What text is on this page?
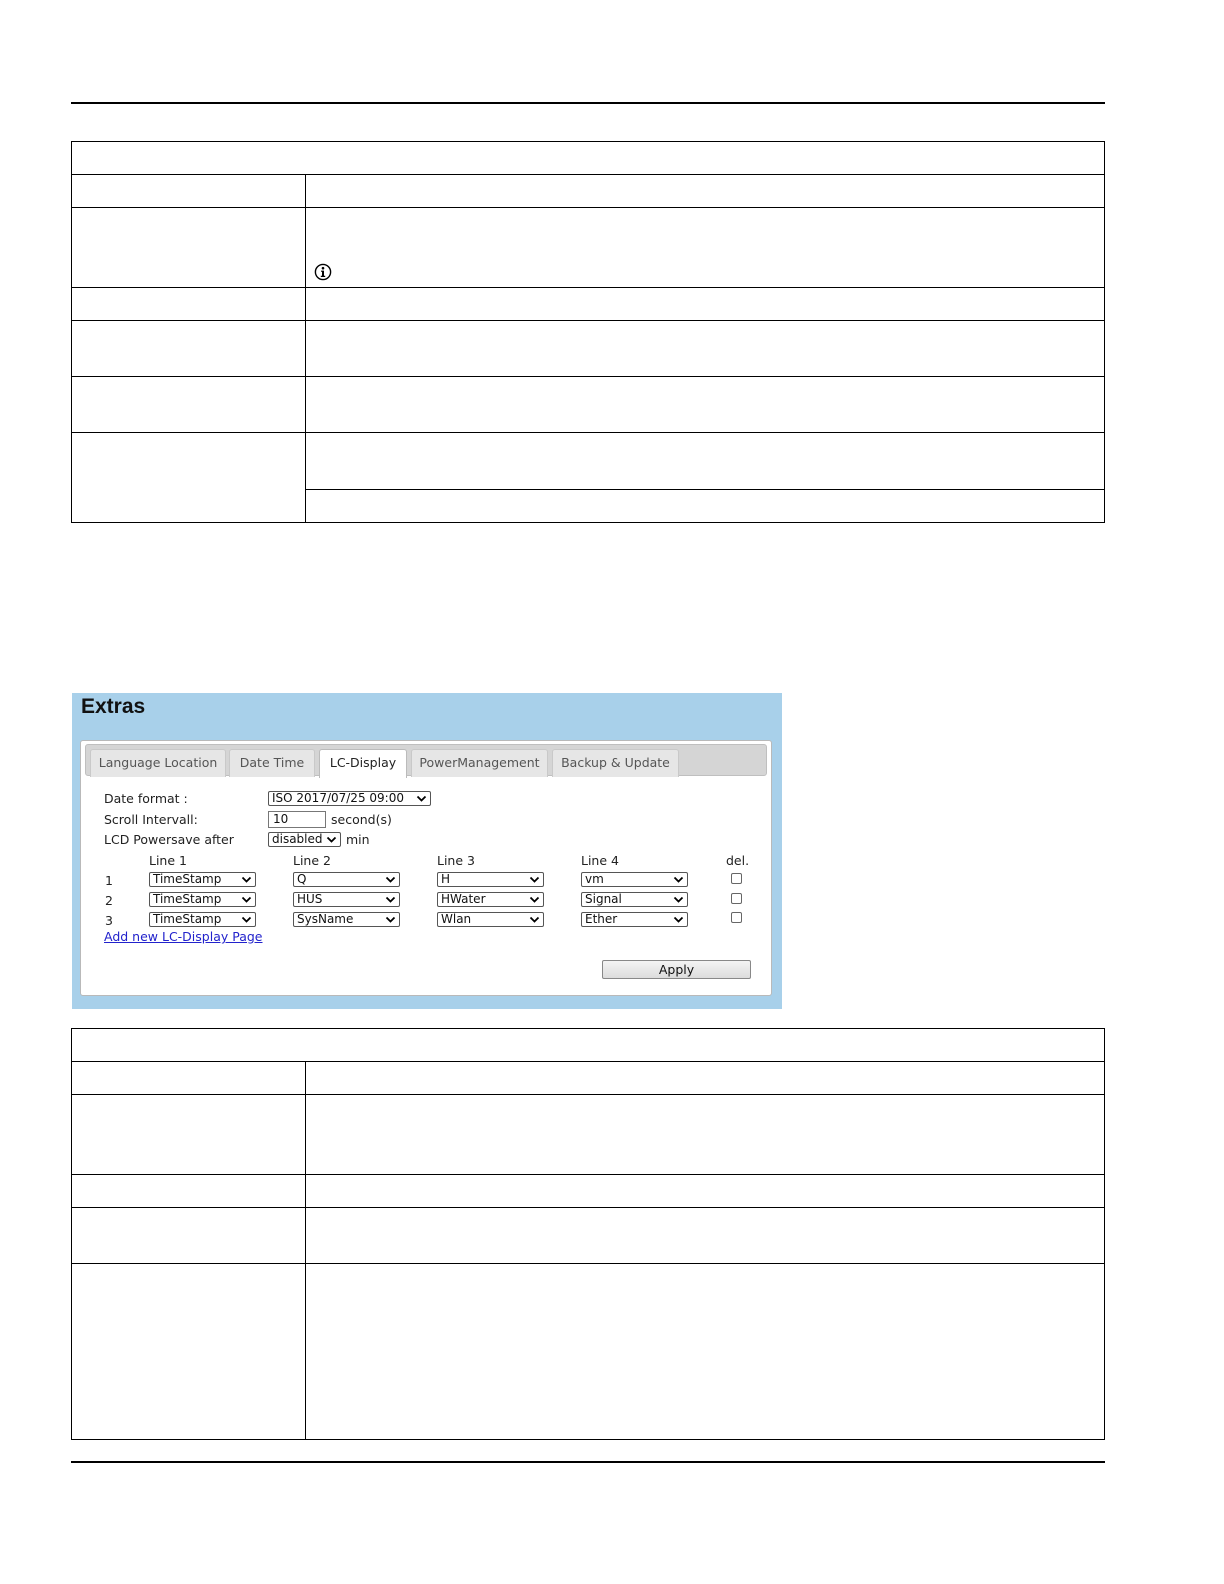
Extras
Language Location	Date Time	LC-Display	PowerManagement	Backup & Update
Date format :	ISO 2017/07/25 09:00
Scroll Intervall:	10	second(s)
LCD Powersave after	disabled	min
Line 1	Line 2	Line 3	Line 4	del.
1	TimeStamp	Q	H	vm
2	TimeStamp	HUS	HWater	Signal
3	TimeStamp	SysName	Wlan	Ether
Add new LC-Display Page
Apply
